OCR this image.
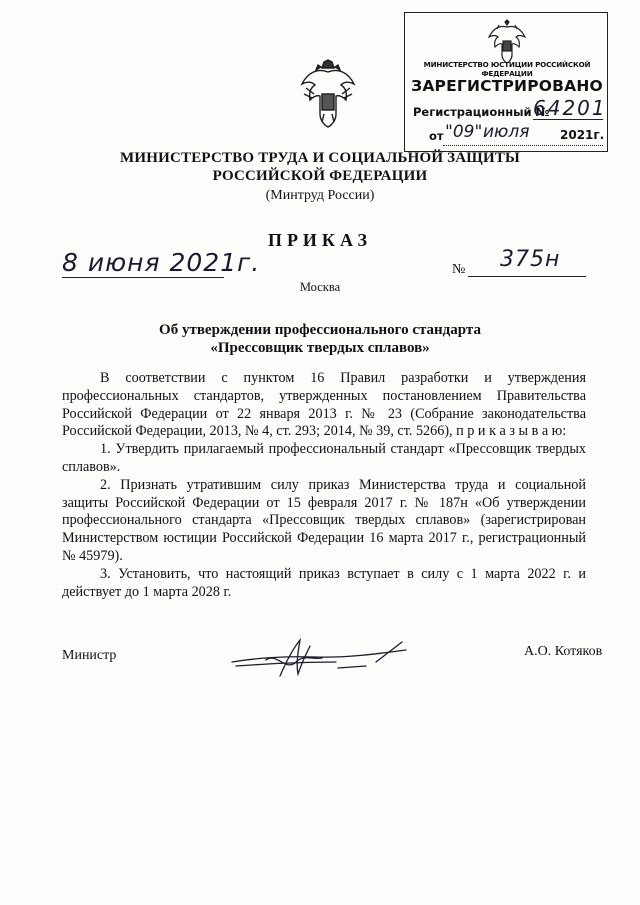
МИНИСТЕРСТВО ЮСТИЦИИ РОССИЙСКОЙ ФЕДЕРАЦИИ
ЗАРЕГИСТРИРОВАНО
Регистрационный №
64201
от "09" июля	2021г.
МИНИСТЕРСТВО ТРУДА И СОЦИАЛЬНОЙ ЗАЩИТЫ
РОССИЙСКОЙ ФЕДЕРАЦИИ
(Минтруд России)
ПРИКАЗ
8 июня 2021г.	№ 375н
Москва
Об утверждении профессионального стандарта
«Прессовщик твердых сплавов»

В соответствии с пунктом 16 Правил разработки и утверждения профессиональных стандартов, утвержденных постановлением Правительства Российской Федерации от 22 января 2013 г. № 23 (Собрание законодательства Российской Федерации, 2013, № 4, ст. 293; 2014, № 39, ст. 5266), п р и к а з ы в а ю:

1. Утвердить прилагаемый профессиональный стандарт «Прессовщик твердых сплавов».

2. Признать утратившим силу приказ Министерства труда и социальной защиты Российской Федерации от 15 февраля 2017 г. № 187н «Об утверждении профессионального стандарта «Прессовщик твердых сплавов» (зарегистрирован Министерством юстиции Российской Федерации 16 марта 2017 г., регистрационный № 45979).

3. Установить, что настоящий приказ вступает в силу с 1 марта 2022 г. и действует до 1 марта 2028 г.

Министр	А.О. Котяков
